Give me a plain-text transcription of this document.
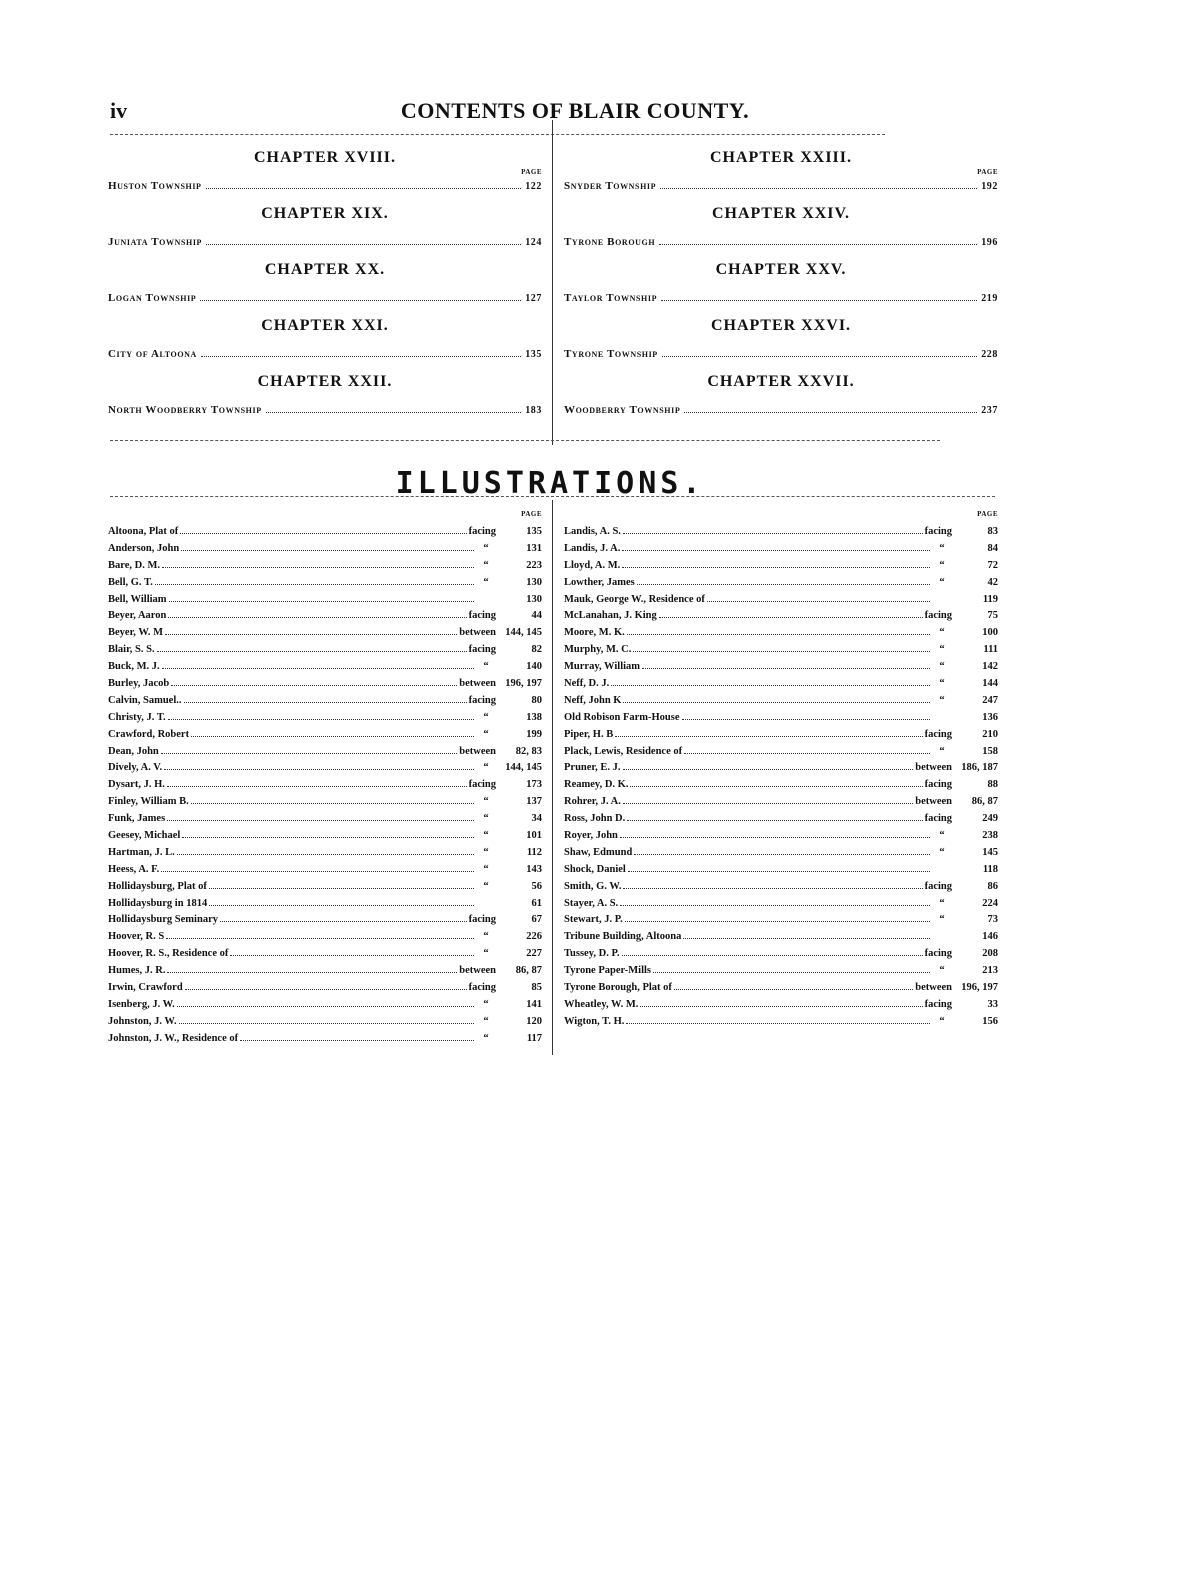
iv	CONTENTS OF BLAIR COUNTY.
CHAPTER XVIII.
PAGE
Huston Township	122
CHAPTER XIX.
Juniata Township	124
CHAPTER XX.
Logan Township	127
CHAPTER XXI.
City of Altoona	135
CHAPTER XXII.
North Woodberry Township	183
CHAPTER XXIII.
PAGE
Snyder Township	192
CHAPTER XXIV.
Tyrone Borough	196
CHAPTER XXV.
Taylor Township	219
CHAPTER XXVI.
Tyrone Township	228
CHAPTER XXVII.
Woodberry Township	237
ILLUSTRATIONS.
PAGE
Altoona, Plat of	facing	135
Anderson, John	“	131
Bare, D. M.	“	223
Bell, G. T.	“	130
Bell, William	130
Beyer, Aaron	facing	44
Beyer, W. M	between 144, 145
Blair, S. S.	facing	82
Buck, M. J.	“	140
Burley, Jacob	between 196, 197
Calvin, Samuel..	facing	80
Christy, J. T.	“	138
Crawford, Robert	“	199
Dean, John	between	82, 83
Dively, A. V.	“	144, 145
Dysart, J. H.	facing	173
Finley, William B.	“	137
Funk, James	“	34
Geesey, Michael	“	101
Hartman, J. L.	“	112
Heess, A. F.	“	143
Hollidaysburg, Plat of	“	56
Hollidaysburg in 1814	61
Hollidaysburg Seminary	facing	67
Hoover, R. S	“	226
Hoover, R. S., Residence of	“	227
Humes, J. R.	between	86, 87
Irwin, Crawford	facing	85
Isenberg, J. W.	“	141
Johnston, J. W.	“	120
Johnston, J. W., Residence of	“	117
PAGE
Landis, A. S.	facing	83
Landis, J. A.	“	84
Lloyd, A. M.	“	72
Lowther, James	“	42
Mauk, George W., Residence of	119
McLanahan, J. King	facing	75
Moore, M. K.	“	100
Murphy, M. C.	“	111
Murray, William	“	142
Neff, D. J.	“	144
Neff, John K	“	247
Old Robison Farm-House	136
Piper, H. B	facing	210
Plack, Lewis, Residence of	“	158
Pruner, E. J.	between 186, 187
Reamey, D. K.	facing	88
Rohrer, J. A.	between	86, 87
Ross, John D.	facing	249
Royer, John	“	238
Shaw, Edmund	“	145
Shock, Daniel	118
Smith, G. W.	facing	86
Stayer, A. S.	“	224
Stewart, J. P.	“	73
Tribune Building, Altoona	146
Tussey, D. P.	facing	208
Tyrone Paper-Mills	“	213
Tyrone Borough, Plat of	between 196, 197
Wheatley, W. M.	facing	33
Wigton, T. H.	“	156
